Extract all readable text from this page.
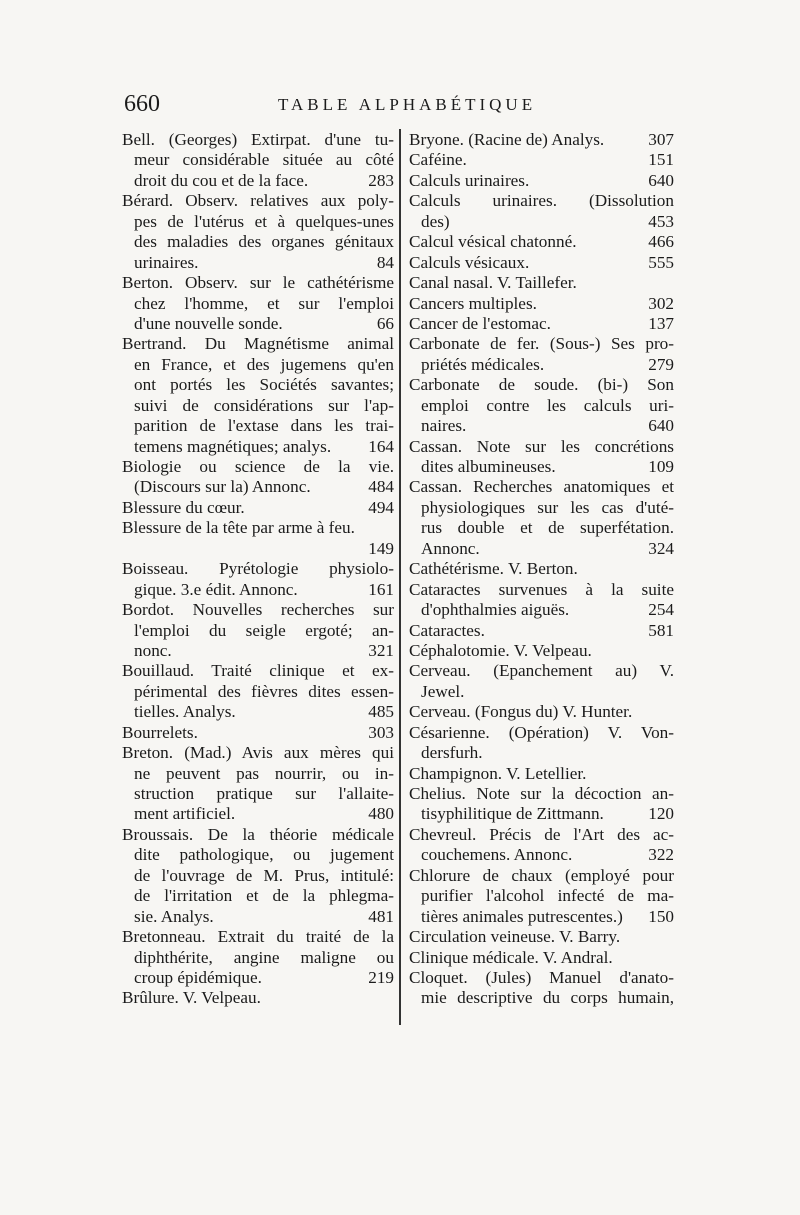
660	TABLE ALPHABÉTIQUE
Bell. (Georges) Extirpat. d'une tu-
meur considérable située au côté
droit du cou et de la face.	283
Bérard. Observ. relatives aux poly-
pes de l'utérus et à quelques-unes
des maladies des organes génitaux
urinaires.	84
Berton. Observ. sur le cathétérisme
chez l'homme, et sur l'emploi
d'une nouvelle sonde.	66
Bertrand. Du Magnétisme animal
en France, et des jugemens qu'en
ont portés les Sociétés savantes;
suivi de considérations sur l'ap-
parition de l'extase dans les trai-
temens magnétiques; analys.	164
Biologie ou science de la vie.
(Discours sur la) Annonc.	484
Blessure du cœur.	494
Blessure de la tête par arme à feu.
149
Boisseau. Pyrétologie physiolo-
gique. 3.e édit. Annonc.	161
Bordot. Nouvelles recherches sur
l'emploi du seigle ergoté; an-
nonc.	321
Bouillaud. Traité clinique et ex-
périmental des fièvres dites essen-
tielles. Analys.	485
Bourrelets.	303
Breton. (Mad.) Avis aux mères qui
ne peuvent pas nourrir, ou in-
struction pratique sur l'allaite-
ment artificiel.	480
Broussais. De la théorie médicale
dite pathologique, ou jugement
de l'ouvrage de M. Prus, intitulé:
de l'irritation et de la phlegma-
sie. Analys.	481
Bretonneau. Extrait du traité de la
diphthérite, angine maligne ou
croup épidémique.	219
Brûlure. V. Velpeau.
Bryone. (Racine de) Analys.	307
Caféine.	151
Calculs urinaires.	640
Calculs urinaires. (Dissolution
des)	453
Calcul vésical chatonné.	466
Calculs vésicaux.	555
Canal nasal. V. Taillefer.
Cancers multiples.	302
Cancer de l'estomac.	137
Carbonate de fer. (Sous-) Ses pro-
priétés médicales.	279
Carbonate de soude. (bi-) Son
emploi contre les calculs uri-
naires.	640
Cassan. Note sur les concrétions
dites albumineuses.	109
Cassan. Recherches anatomiques et
physiologiques sur les cas d'uté-
rus double et de superfétation.
Annonc.	324
Cathétérisme. V. Berton.
Cataractes survenues à la suite
d'ophthalmies aiguës.	254
Cataractes.	581
Céphalotomie. V. Velpeau.
Cerveau. (Epanchement au) V.
Jewel.
Cerveau. (Fongus du) V. Hunter.
Césarienne. (Opération) V. Von-
dersfurh.
Champignon. V. Letellier.
Chelius. Note sur la décoction an-
tisyphilitique de Zittmann.	120
Chevreul. Précis de l'Art des ac-
couchemens. Annonc.	322
Chlorure de chaux (employé pour
purifier l'alcohol infecté de ma-
tières animales putrescentes.)	150
Circulation veineuse. V. Barry.
Clinique médicale. V. Andral.
Cloquet. (Jules) Manuel d'anato-
mie descriptive du corps humain,
